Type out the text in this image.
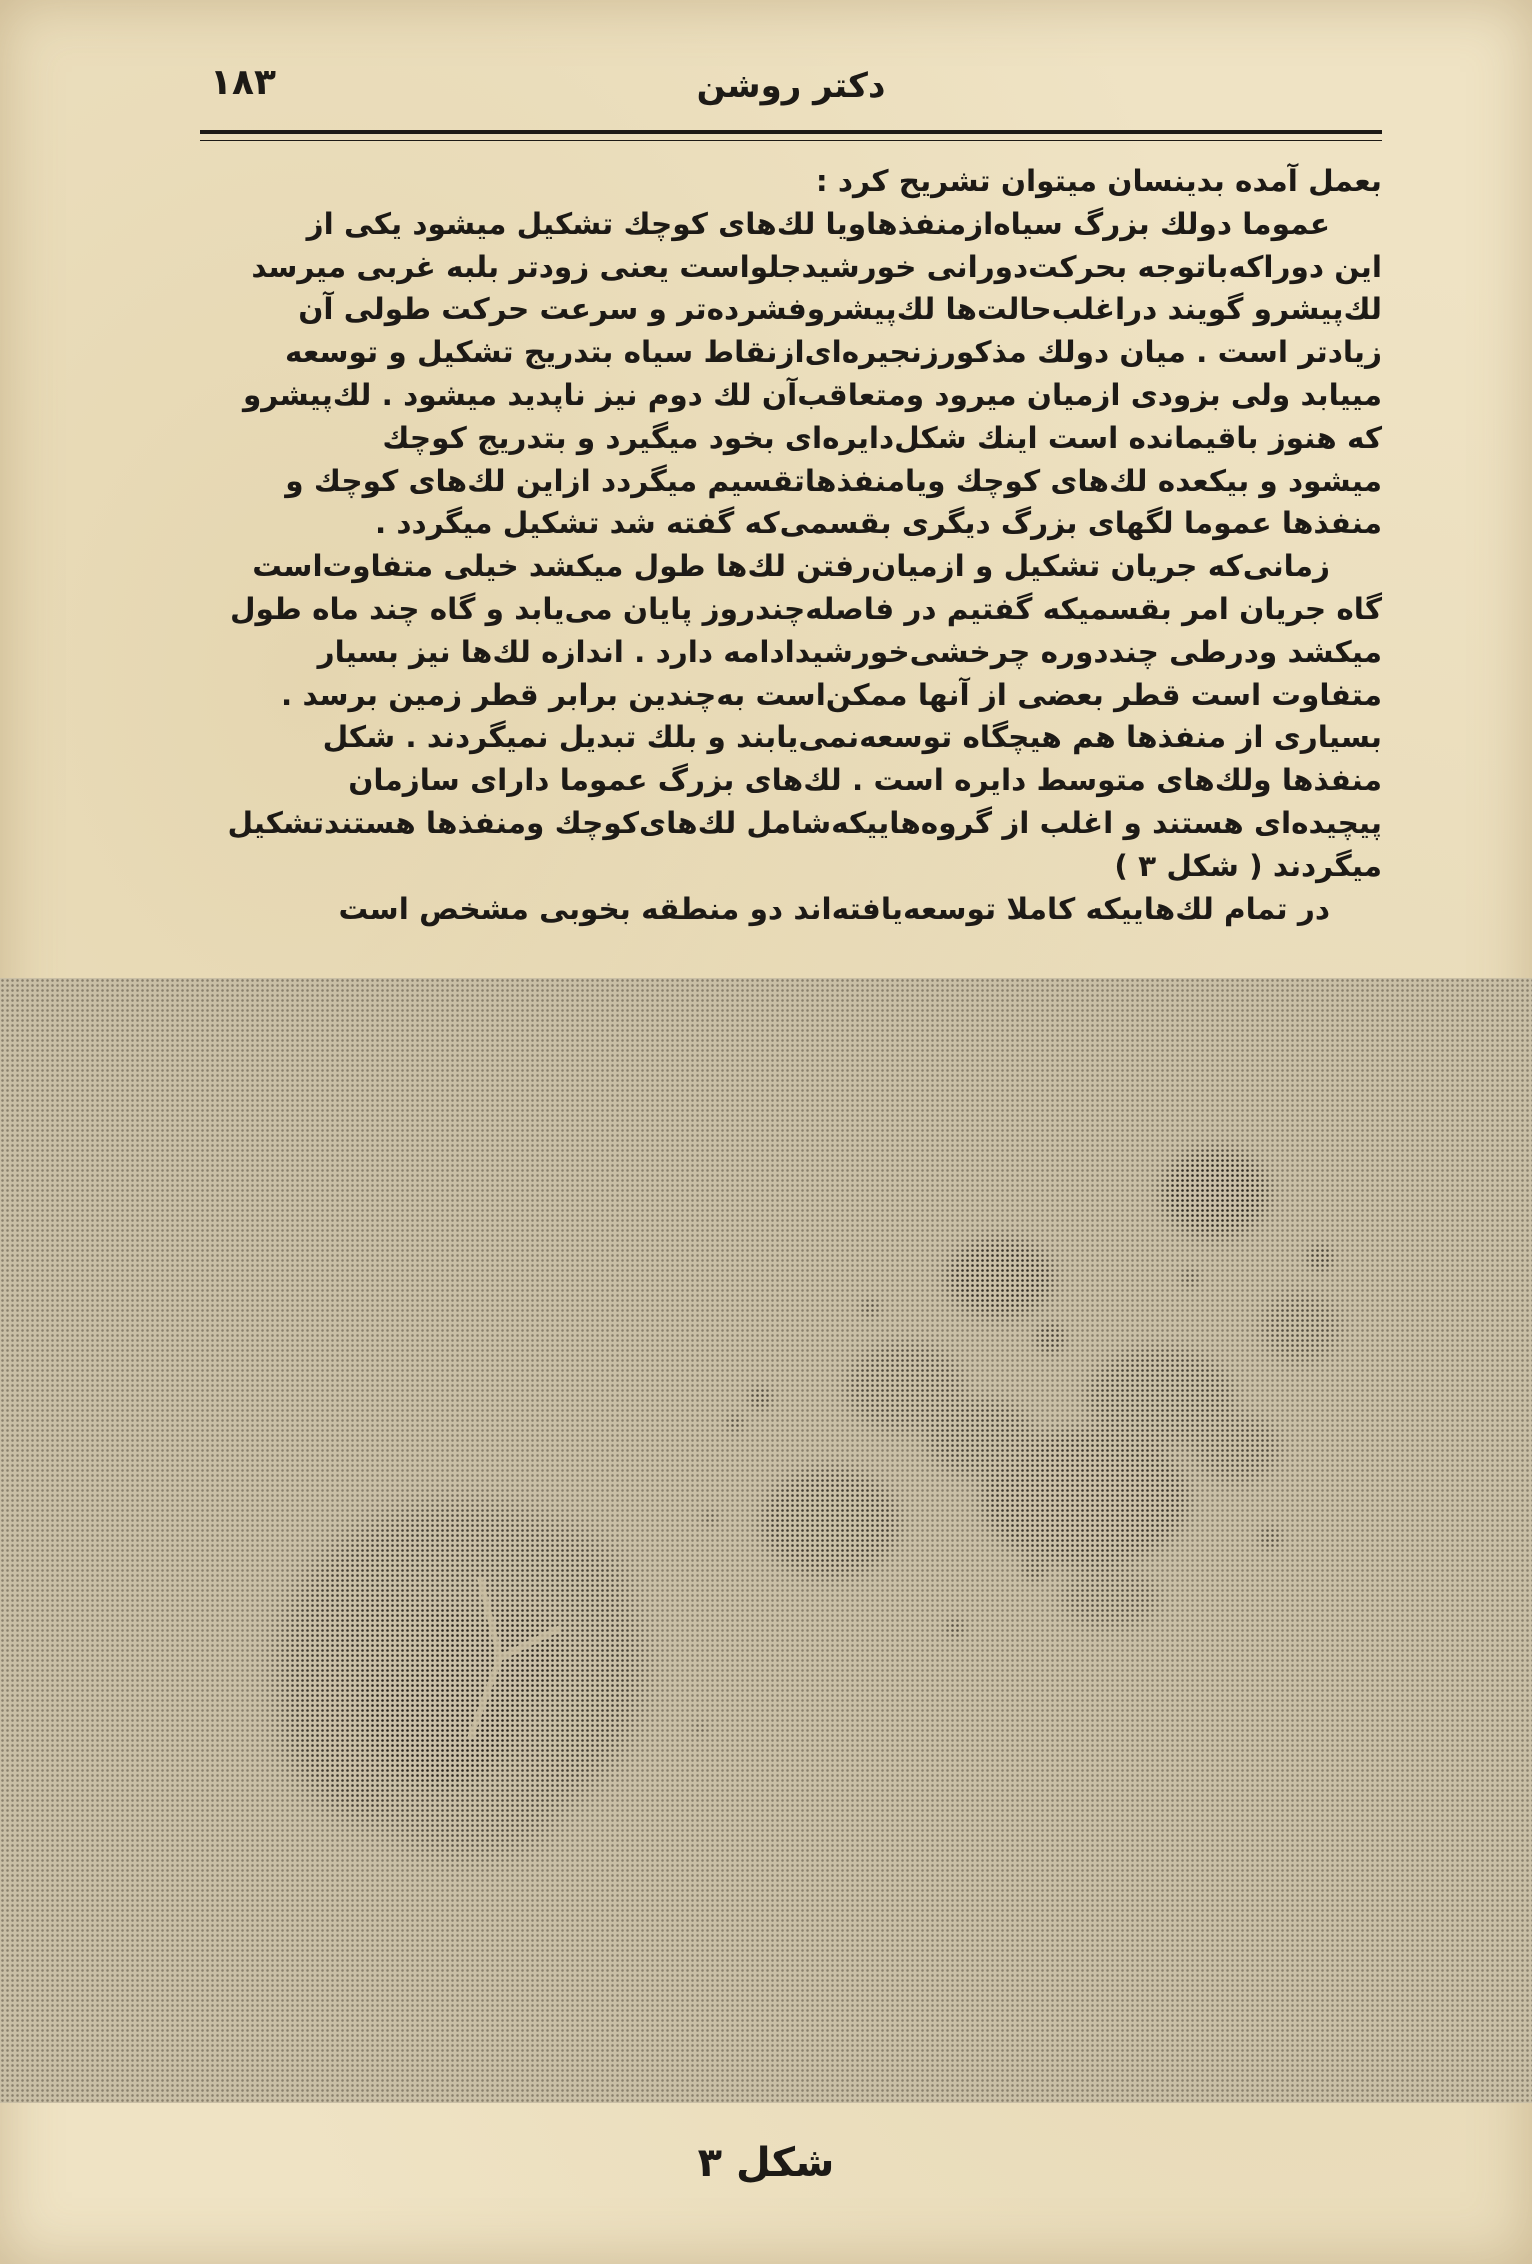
۱۸۳	دکتر روشن

بعمل آمده بدینسان میتوان تشریح کرد :

عموما دولك بزرگ سیاه‌ازمنفذهاویا لك‌های کوچك تشکیل میشود یکی از

این دوراکه‌باتوجه بحرکت‌دورانی خورشید‌جلواست یعنی زودتر بلبه غربی میرسد

لك‌پیشرو گویند دراغلب‌حالت‌ها لك‌پیشرو‌فشرده‌تر و سرعت حرکت طولی آن

زیادتر است . میان دولك مذکورزنجیره‌ای‌ازنقاط سیاه بتدریج تشکیل و توسعه

مییابد ولی بزودی ازمیان میرود ومتعاقب‌آن لك دوم نیز ناپدید میشود . لك‌پیشرو

که هنوز باقیمانده است اینك شکل‌دایره‌ای بخود میگیرد و بتدریج کوچك

میشود و بیکعده لك‌های کوچك ویامنفذها‌تقسیم میگردد ازاین لك‌های کوچك و

منفذها عموما لگهای بزرگ دیگری بقسمی‌که گفته شد تشکیل میگردد .

زمانی‌که جریان تشکیل و ازمیان‌رفتن لك‌ها طول میکشد خیلی متفاوت‌است

گاه جریان امر بقسمیکه گفتیم در فاصله‌چندروز پایان می‌یابد و گاه چند ماه طول

میکشد ودرطی چنددوره چرخشی‌خورشیدادامه دارد . اندازه لك‌ها نیز بسیار

متفاوت است قطر بعضی از آنها ممکن‌است به‌چندین برابر قطر زمین برسد .

بسیاری از منفذها هم هیچگاه توسعه‌نمی‌یابند و بلك تبدیل نمیگردند . شکل

منفذها ولك‌های متوسط دایره است . لك‌های بزرگ عموما دارای سازمان

پیچیده‌ای هستند و اغلب از گروه‌هاییکه‌شامل لك‌های‌کوچك ومنفذها هستندتشکیل

میگردند ( شکل ۳ )

در تمام لك‌هاییکه کاملا توسعه‌یافته‌اند دو منطقه بخوبی مشخص است

شکل ۳
